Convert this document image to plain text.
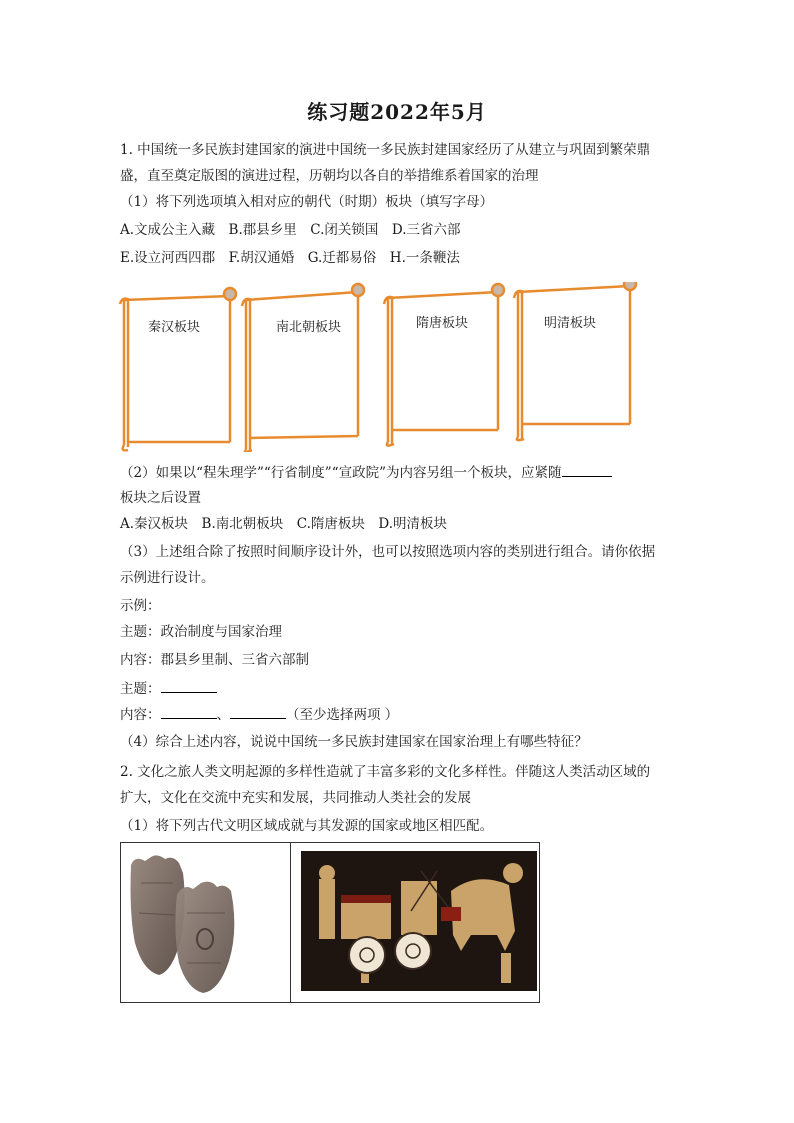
练习题2022年5月
1. 中国统一多民族封建国家的演进中国统一多民族封建国家经历了从建立与巩固到繁荣鼎
盛，直至奠定版图的演进过程，历朝均以各自的举措维系着国家的治理
（1）将下列选项填入相对应的朝代（时期）板块（填写字母）
A.文成公主入藏　B.郡县乡里　C.闭关锁国　D.三省六部
E.设立河西四郡　F.胡汉通婚　G.迁都易俗　H.一条鞭法
秦汉板块	南北朝板块	隋唐板块	明清板块
（2）如果以“程朱理学”“行省制度”“宣政院”为内容另组一个板块，应紧随
板块之后设置
A.秦汉板块　B.南北朝板块　C.隋唐板块　D.明清板块
（3）上述组合除了按照时间顺序设计外，也可以按照选项内容的类别进行组合。请你依据
示例进行设计。
示例：
主题：政治制度与国家治理
内容：郡县乡里制、三省六部制
主题：
内容：	、	（至少选择两项 ）
（4）综合上述内容，说说中国统一多民族封建国家在国家治理上有哪些特征？
2. 文化之旅人类文明起源的多样性造就了丰富多彩的文化多样性。伴随这人类活动区域的
扩大，文化在交流中充实和发展，共同推动人类社会的发展
（1）将下列古代文明区域成就与其发源的国家或地区相匹配。
